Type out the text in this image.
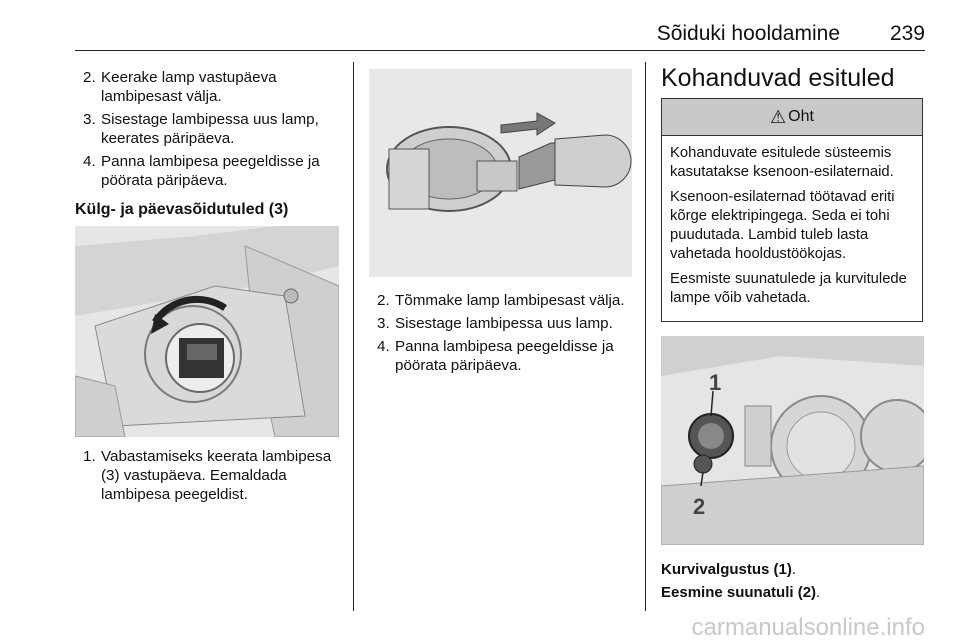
Sõiduki hooldamine	239
2. Keerake lamp vastupäeva lambipesast välja.
3. Sisestage lambipessa uus lamp, keerates päripäeva.
4. Panna lambipesa peegeldisse ja pöörata päripäeva.
Külg- ja päevasõidutuled (3)
1. Vabastamiseks keerata lambipesa (3) vastupäeva. Eemaldada lambipesa peegeldist.
2. Tõmmake lamp lambipesast välja.
3. Sisestage lambipessa uus lamp.
4. Panna lambipesa peegeldisse ja pöörata päripäeva.
Kohanduvad esituled
⚠ Oht

Kohanduvate esitulede süsteemis kasutatakse ksenoon-esilaternaid.

Ksenoon-esilaternad töötavad eriti kõrge elektripingega. Seda ei tohi puudutada. Lambid tuleb lasta vahetada hooldustöökojas.

Eesmiste suunatulede ja kurvitulede lampe võib vahetada.

1
2
Kurvivalgustus (1).
Eesmine suunatuli (2).
carmanualsonline.info
